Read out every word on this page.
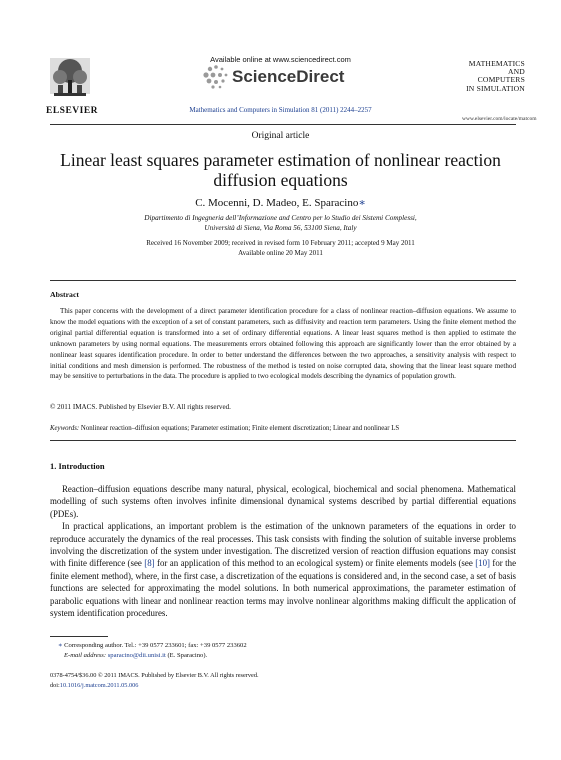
Available online at www.sciencedirect.com
ELSEVIER
ScienceDirect
MATHEMATICS
AND
COMPUTERS
IN SIMULATION
Mathematics and Computers in Simulation 81 (2011) 2244–2257
www.elsevier.com/locate/matcom
Original article
Linear least squares parameter estimation of nonlinear reaction diffusion equations
C. Mocenni, D. Madeo, E. Sparacino∗
Dipartimento di Ingegneria dell’Informazione and Centro per lo Studio dei Sistemi Complessi,
Università di Siena, Via Roma 56, 53100 Siena, Italy
Received 16 November 2009; received in revised form 10 February 2011; accepted 9 May 2011
Available online 20 May 2011
Abstract
This paper concerns with the development of a direct parameter identification procedure for a class of nonlinear reaction–diffusion equations. We assume to know the model equations with the exception of a set of constant parameters, such as diffusivity and reaction term parameters. Using the finite element method the original partial differential equation is transformed into a set of ordinary differential equations. A linear least squares method is then applied to estimate the unknown parameters by using normal equations. The measurements errors obtained following this approach are significantly lower than the error obtained by a nonlinear least squares identification procedure. In order to better understand the differences between the two approaches, a sensitivity analysis with respect to initial conditions and mesh dimension is performed. The robustness of the method is tested on noise corrupted data, showing that the linear least square method may be sensitive to perturbations in the data. The procedure is applied to two ecological models describing the dynamics of population growth.
© 2011 IMACS. Published by Elsevier B.V. All rights reserved.
Keywords: Nonlinear reaction–diffusion equations; Parameter estimation; Finite element discretization; Linear and nonlinear LS
1. Introduction

Reaction–diffusion equations describe many natural, physical, ecological, biochemical and social phenomena. Mathematical modelling of such systems often involves infinite dimensional dynamical systems described by partial differential equations (PDEs).

In practical applications, an important problem is the estimation of the unknown parameters of the equations in order to reproduce accurately the dynamics of the real processes. This task consists with finding the solution of suitable inverse problems involving the discretization of the system under investigation. The discretized version of reaction diffusion equations may consist with finite difference (see [8] for an application of this method to an ecological system) or finite elements models (see [10] for the finite element method), where, in the first case, a discretization of the equations is considered and, in the second case, a set of basis functions are selected for approximating the model solutions. In both numerical approximations, the parameter estimation of parabolic equations with linear and nonlinear reaction terms may involve nonlinear algorithms making difficult the application of system identification procedures.

∗ Corresponding author. Tel.: +39 0577 233601; fax: +39 0577 233602
E-mail address: sparacino@dii.unisi.it (E. Sparacino).
0378-4754/$36.00 © 2011 IMACS. Published by Elsevier B.V. All rights reserved.
doi:10.1016/j.matcom.2011.05.006
